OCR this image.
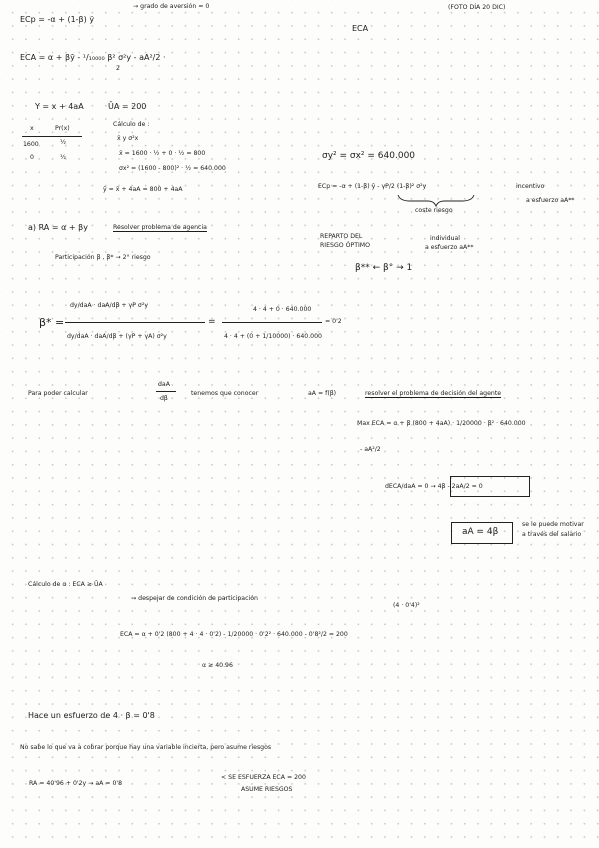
→ grado de aversión = 0	(FOTO DÍA 20 DIC)
ECp = -α + (1-β) ỹ
ECA
ECA = α + βȳ - ¹/₁₀₀₀₀ β² σ²y - aA²/2 ·
2
Y = x + 4aA	ŪA = 200
x	Pr(x)
1600	½
0	½
Cálculo de :
x̄ y σ²x
x̄ = 1600 · ½ + 0 · ½ = 800
σx² = (1600 - 800)² · ½ = 640.000
ȳ = x̄ + 4aA = 800 + 4aA
σy² = σx² = 640.000
ECp = -α + (1-β) ȳ - γP/2 (1-β)² σ²y
coste riesgo
incentivo
a esfuerzo aA**
REPARTO DEL
RIESGO ÓPTIMO
individual
a esfuerzo aA**
β** ← β° → 1
a) RA = α + βy	Resolver problema de agencia
Participación β , β* → 2° riesgo
β* =
dy/daA · daA/dβ + γP σ²y
dy/daA · daA/dβ + (γP + γA) σ²y
=
4 · 4 + 0 · 640.000
4 · 4 + (0 + 1/10000) · 640.000
= 0'2
Para poder calcular
daA
dβ
tenemos que conocer	aA = f(β)	resolver el problema de decisión del agente
Max ECA = α + β (800 + 4aA) · 1/20000 · β² · 640.000
- aA²/2
dECA/daA = 0 → 4β - 2aA/2 = 0
aA = 4β
se le puede motivar a través del salario
Cálculo de α : ECA ≥ ŪA
→ despejar de condición de participación
(4 · 0'4)²
ECA = α + 0'2 (800 + 4 · 4 · 0'2) - 1/20000 · 0'2² · 640.000 - 0'8²/2 = 200
α ≥ 40.96
Hace un esfuerzo de 4 · β = 0'8
No sabe lo que va a cobrar porque hay una variable incierta, pero asume riesgos
RA = 40'96 + 0'2y → aA = 0'8
< SE ESFUERZA ECA = 200
ASUME RIESGOS
